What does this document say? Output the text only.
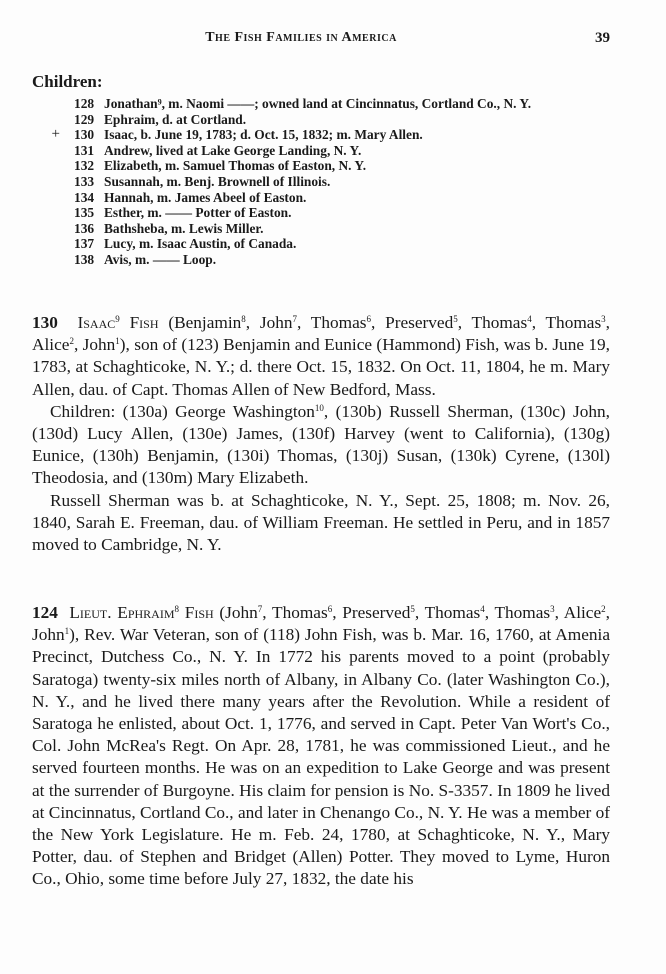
The Fish Families in America	39
Children:
128 Jonathan⁹, m. Naomi ——; owned land at Cincinnatus, Cortland Co., N. Y.
129 Ephraim, d. at Cortland.
+	130 Isaac, b. June 19, 1783; d. Oct. 15, 1832; m. Mary Allen.
131 Andrew, lived at Lake George Landing, N. Y.
132 Elizabeth, m. Samuel Thomas of Easton, N. Y.
133 Susannah, m. Benj. Brownell of Illinois.
134 Hannah, m. James Abeel of Easton.
135 Esther, m. —— Potter of Easton.
136 Bathsheba, m. Lewis Miller.
137 Lucy, m. Isaac Austin, of Canada.
138 Avis, m. —— Loop.

130 Isaac$^9$ Fish (Benjamin$^8$, John$^7$, Thomas$^6$, Preserved$^5$, Thomas$^4$, Thomas$^3$, Alice$^2$, John$^1$), son of (123) Benjamin and Eunice (Hammond) Fish, was b. June 19, 1783, at Schaghticoke, N. Y.; d. there Oct. 15, 1832. On Oct. 11, 1804, he m. Mary Allen, dau. of Capt. Thomas Allen of New Bedford, Mass.

Children: (130a) George Washington$^{10}$, (130b) Russell Sherman, (130c) John, (130d) Lucy Allen, (130e) James, (130f) Harvey (went to California), (130g) Eunice, (130h) Benjamin, (130i) Thomas, (130j) Susan, (130k) Cyrene, (130l) Theodosia, and (130m) Mary Elizabeth.

Russell Sherman was b. at Schaghticoke, N. Y., Sept. 25, 1808; m. Nov. 26, 1840, Sarah E. Freeman, dau. of William Freeman. He settled in Peru, and in 1857 moved to Cambridge, N. Y.

124 Lieut. Ephraim$^8$ Fish (John$^7$, Thomas$^6$, Preserved$^5$, Thomas$^4$, Thomas$^3$, Alice$^2$, John$^1$), Rev. War Veteran, son of (118) John Fish, was b. Mar. 16, 1760, at Amenia Precinct, Dutchess Co., N. Y. In 1772 his parents moved to a point (probably Saratoga) twenty-six miles north of Albany, in Albany Co. (later Washington Co.), N. Y., and he lived there many years after the Revolution. While a resident of Saratoga he enlisted, about Oct. 1, 1776, and served in Capt. Peter Van Wort's Co., Col. John McRea's Regt. On Apr. 28, 1781, he was commissioned Lieut., and he served fourteen months. He was on an expedition to Lake George and was present at the surrender of Burgoyne. His claim for pension is No. S-3357. In 1809 he lived at Cincinnatus, Cortland Co., and later in Chenango Co., N. Y. He was a member of the New York Legislature. He m. Feb. 24, 1780, at Schaghticoke, N. Y., Mary Potter, dau. of Stephen and Bridget (Allen) Potter. They moved to Lyme, Huron Co., Ohio, some time before July 27, 1832, the date his
